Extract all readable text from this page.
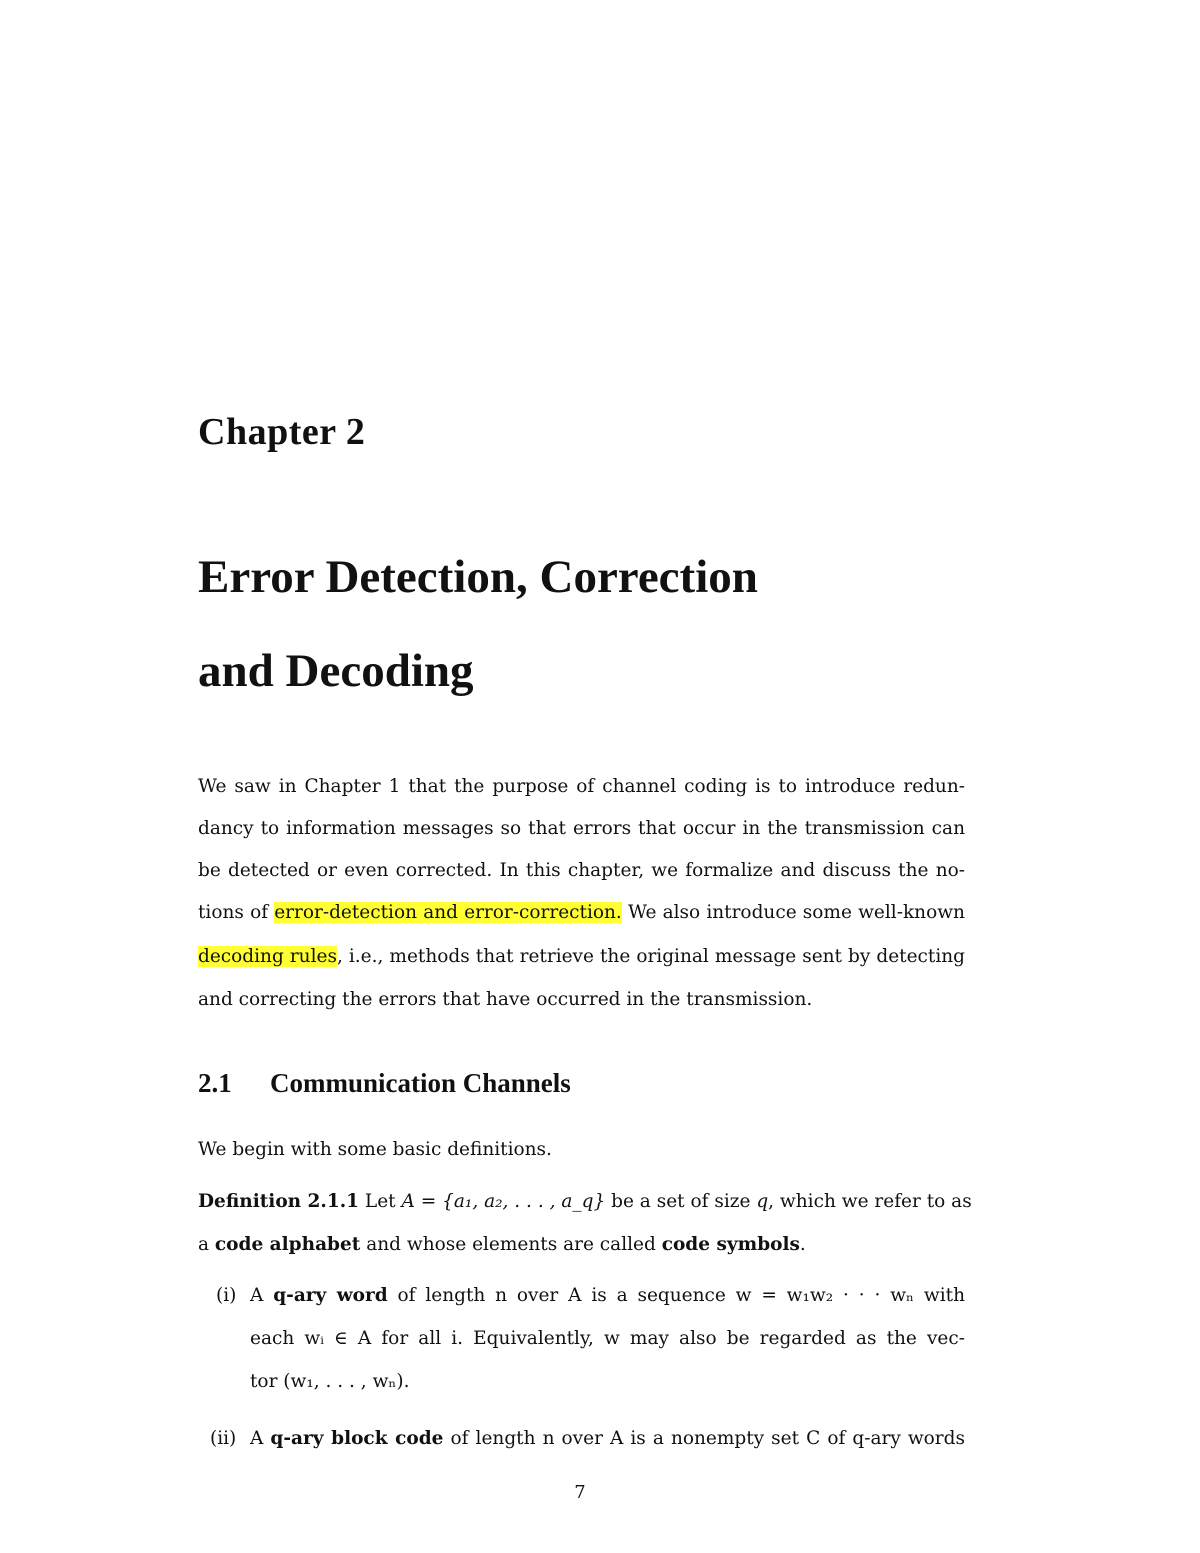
Chapter 2
Error Detection, Correction
and Decoding
We saw in Chapter 1 that the purpose of channel coding is to introduce redun-
dancy to information messages so that errors that occur in the transmission can
be detected or even corrected. In this chapter, we formalize and discuss the no-
tions of error-detection and error-correction. We also introduce some well-known
decoding rules, i.e., methods that retrieve the original message sent by detecting
and correcting the errors that have occurred in the transmission.
2.1 Communication Channels
We begin with some basic definitions.
Definition 2.1.1 Let A = {a₁, a₂, . . . , a_q} be a set of size q, which we refer to as
a code alphabet and whose elements are called code symbols.
(i) A q-ary word of length n over A is a sequence w = w₁w₂ · · · wₙ with
each wᵢ ∈ A for all i. Equivalently, w may also be regarded as the vec-
tor (w₁, . . . , wₙ).
(ii) A q-ary block code of length n over A is a nonempty set C of q-ary words
7
